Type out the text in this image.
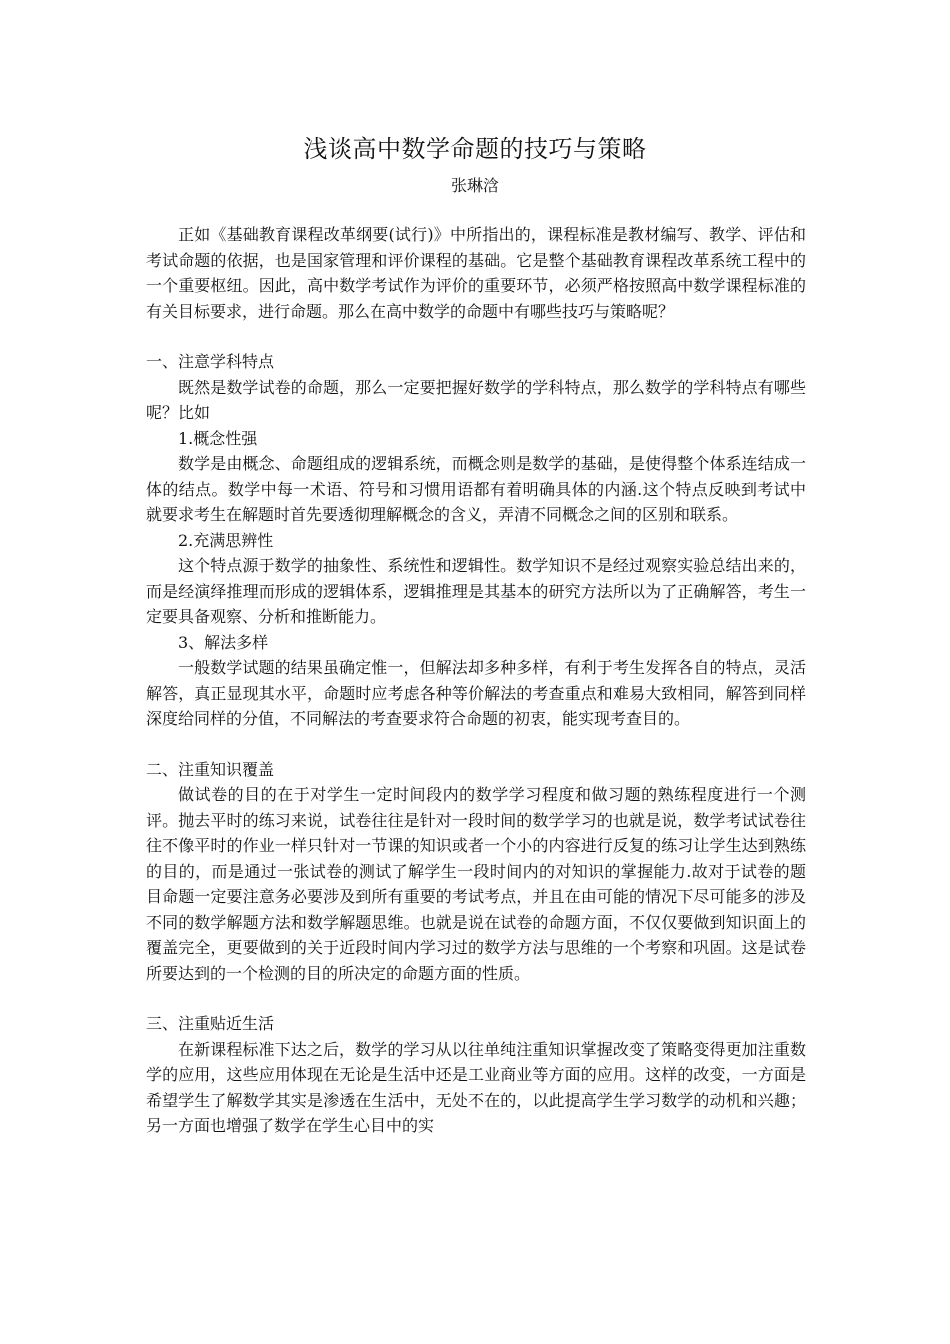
浅谈高中数学命题的技巧与策略
张琳浛

正如《基础教育课程改革纲要(试行)》中所指出的，课程标准是教材编写、教学、评估和考试命题的依据，也是国家管理和评价课程的基础。它是整个基础教育课程改革系统工程中的一个重要枢纽。因此，高中数学考试作为评价的重要环节，必须严格按照高中数学课程标准的有关目标要求，进行命题。那么在高中数学的命题中有哪些技巧与策略呢？

一、注意学科特点

既然是数学试卷的命题，那么一定要把握好数学的学科特点，那么数学的学科特点有哪些呢？比如

1.概念性强

数学是由概念、命题组成的逻辑系统，而概念则是数学的基础，是使得整个体系连结成一体的结点。数学中每一术语、符号和习惯用语都有着明确具体的内涵.这个特点反映到考试中就要求考生在解题时首先要透彻理解概念的含义，弄清不同概念之间的区别和联系。

2.充满思辨性

这个特点源于数学的抽象性、系统性和逻辑性。数学知识不是经过观察实验总结出来的，而是经演绎推理而形成的逻辑体系，逻辑推理是其基本的研究方法所以为了正确解答，考生一定要具备观察、分析和推断能力。

3、解法多样

一般数学试题的结果虽确定惟一，但解法却多种多样，有利于考生发挥各自的特点，灵活解答，真正显现其水平，命题时应考虑各种等价解法的考查重点和难易大致相同，解答到同样深度给同样的分值，不同解法的考查要求符合命题的初衷，能实现考查目的。

二、注重知识覆盖

做试卷的目的在于对学生一定时间段内的数学学习程度和做习题的熟练程度进行一个测评。抛去平时的练习来说，试卷往往是针对一段时间的数学学习的也就是说，数学考试试卷往往不像平时的作业一样只针对一节课的知识或者一个小的内容进行反复的练习让学生达到熟练的目的，而是通过一张试卷的测试了解学生一段时间内的对知识的掌握能力.故对于试卷的题目命题一定要注意务必要涉及到所有重要的考试考点，并且在由可能的情况下尽可能多的涉及不同的数学解题方法和数学解题思维。也就是说在试卷的命题方面，不仅仅要做到知识面上的覆盖完全，更要做到的关于近段时间内学习过的数学方法与思维的一个考察和巩固。这是试卷所要达到的一个检测的目的所决定的命题方面的性质。

三、注重贴近生活

在新课程标准下达之后，数学的学习从以往单纯注重知识掌握改变了策略变得更加注重数学的应用，这些应用体现在无论是生活中还是工业商业等方面的应用。这样的改变，一方面是希望学生了解数学其实是渗透在生活中，无处不在的，以此提高学生学习数学的动机和兴趣；另一方面也增强了数学在学生心目中的实
